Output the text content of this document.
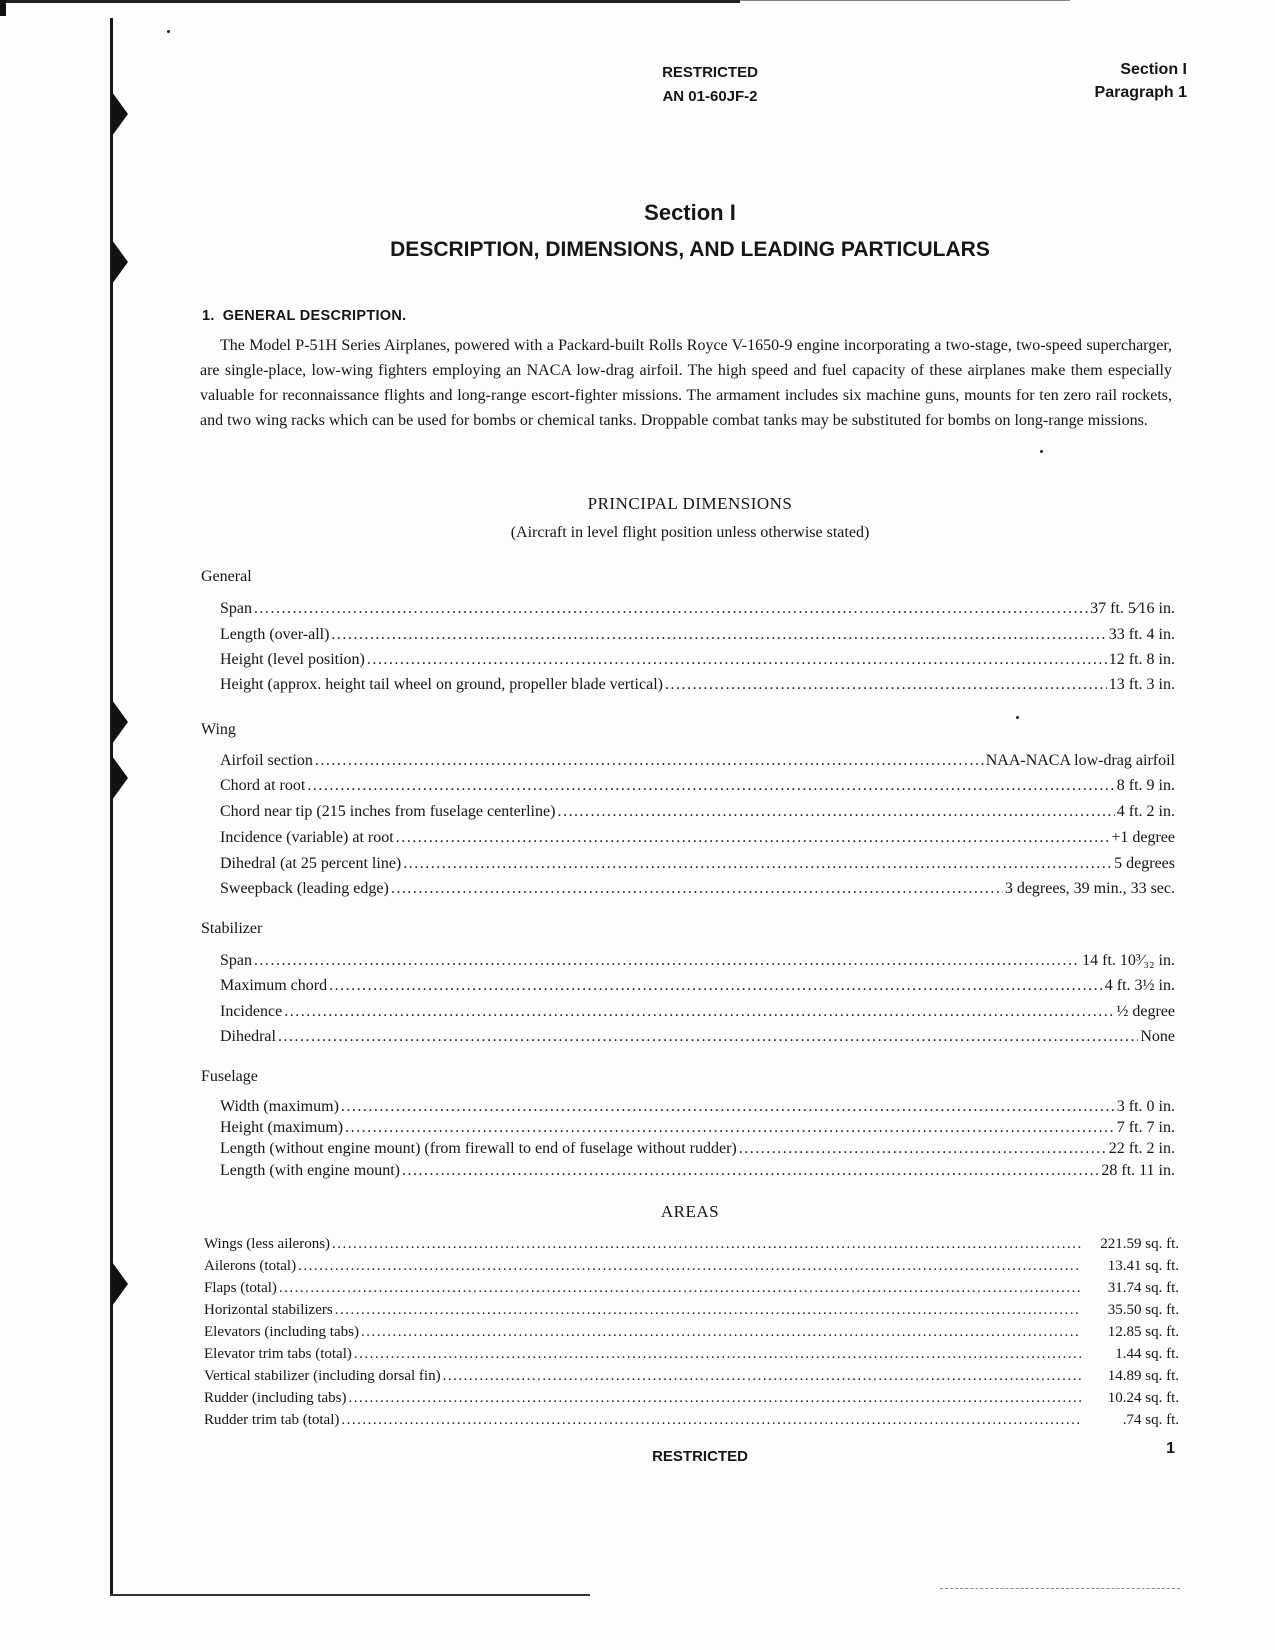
RESTRICTED
AN 01-60JF-2
Section I
Paragraph 1
Section I
DESCRIPTION, DIMENSIONS, AND LEADING PARTICULARS
1. GENERAL DESCRIPTION.

The Model P-51H Series Airplanes, powered with a Packard-built Rolls Royce V-1650-9 engine incorporating a two-stage, two-speed supercharger, are single-place, low-wing fighters employing an NACA low-drag airfoil. The high speed and fuel capacity of these airplanes make them especially valuable for reconnaissance flights and long-range escort-fighter missions. The armament includes six machine guns, mounts for ten zero rail rockets, and two wing racks which can be used for bombs or chemical tanks. Droppable combat tanks may be substituted for bombs on long-range missions.

PRINCIPAL DIMENSIONS
(Aircraft in level flight position unless otherwise stated)
General
Span .....	37 ft. 5⁄16 in.
Length (over-all) .....	33 ft. 4 in.
Height (level position) .....	12 ft. 8 in.
Height (approx. height tail wheel on ground, propeller blade vertical) .....	13 ft. 3 in.
Wing
Airfoil section .....	NAA-NACA low-drag airfoil
Chord at root .....	8 ft. 9 in.
Chord near tip (215 inches from fuselage centerline) .....	4 ft. 2 in.
Incidence (variable) at root .....	+1 degree
Dihedral (at 25 percent line) .....	5 degrees
Sweepback (leading edge) .....	3 degrees, 39 min., 33 sec.
Stabilizer
Span .....	14 ft. 10³⁄₃₂ in.
Maximum chord .....	4 ft. 3½ in.
Incidence .....	½ degree
Dihedral .....	None
Fuselage
Width (maximum) .....	3 ft. 0 in.
Height (maximum) .....	7 ft. 7 in.
Length (without engine mount) (from firewall to end of fuselage without rudder) .....	22 ft. 2 in.
Length (with engine mount) .....	28 ft. 11 in.
AREAS
Wings (less ailerons) .....	221.59 sq. ft.
Ailerons (total) .....	13.41 sq. ft.
Flaps (total) .....	31.74 sq. ft.
Horizontal stabilizers .....	35.50 sq. ft.
Elevators (including tabs) .....	12.85 sq. ft.
Elevator trim tabs (total) .....	1.44 sq. ft.
Vertical stabilizer (including dorsal fin) .....	14.89 sq. ft.
Rudder (including tabs) .....	10.24 sq. ft.
Rudder trim tab (total) .....	.74 sq. ft.
RESTRICTED	1
